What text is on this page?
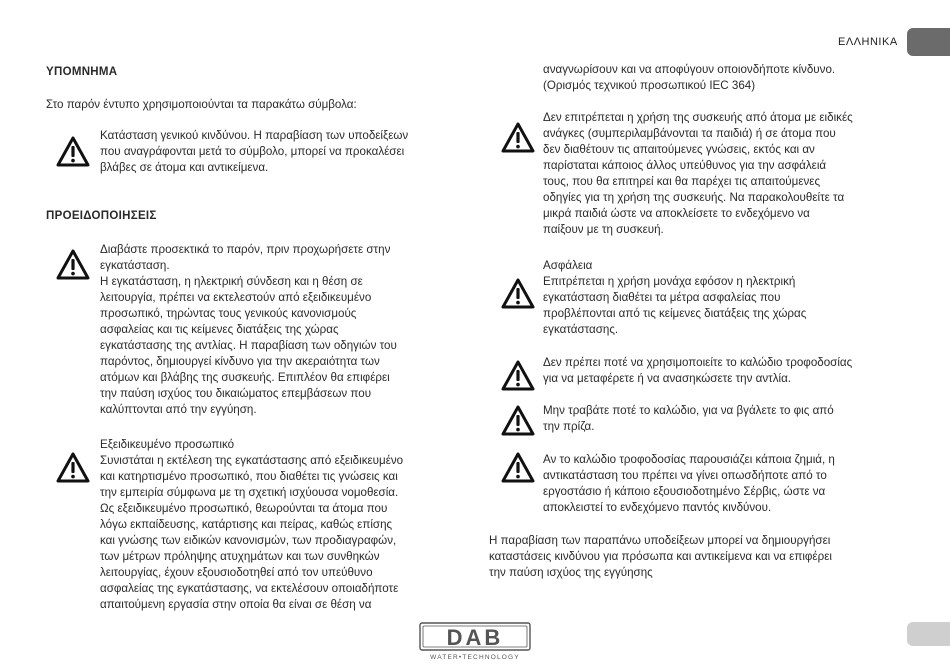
ΕΛΛΗΝΙΚΑ
ΥΠΟΜΝΗΜΑ
Στο παρόν έντυπο χρησιμοποιούνται τα παρακάτω σύμβολα:
Κατάσταση γενικού κινδύνου. Η παραβίαση των υποδείξεων
που αναγράφονται μετά το σύμβολο, μπορεί να προκαλέσει
βλάβες σε άτομα και αντικείμενα.
ΠΡΟΕΙΔΟΠΟΙΗΣΕΙΣ
Διαβάστε προσεκτικά το παρόν, πριν προχωρήσετε στην
εγκατάσταση.
Η εγκατάσταση, η ηλεκτρική σύνδεση και η θέση σε
λειτουργία, πρέπει να εκτελεστούν από εξειδικευμένο
προσωπικό, τηρώντας τους γενικούς κανονισμούς
ασφαλείας και τις κείμενες διατάξεις της χώρας
εγκατάστασης της αντλίας. Η παραβίαση των οδηγιών του
παρόντος, δημιουργεί κίνδυνο για την ακεραιότητα των
ατόμων και βλάβης της συσκευής. Επιπλέον θα επιφέρει
την παύση ισχύος του δικαιώματος επεμβάσεων που
καλύπτονται από την εγγύηση.
Εξειδικευμένο προσωπικό
Συνιστάται η εκτέλεση της εγκατάστασης από εξειδικευμένο
και κατηρτισμένο προσωπικό, που διαθέτει τις γνώσεις και
την εμπειρία σύμφωνα με τη σχετική ισχύουσα νομοθεσία.
Ως εξειδικευμένο προσωπικό, θεωρούνται τα άτομα που
λόγω εκπαίδευσης, κατάρτισης και πείρας, καθώς επίσης
και γνώσης των ειδικών κανονισμών, των προδιαγραφών,
των μέτρων πρόληψης ατυχημάτων και των συνθηκών
λειτουργίας, έχουν εξουσιοδοτηθεί από τον υπεύθυνο
ασφαλείας της εγκατάστασης, να εκτελέσουν οποιαδήποτε
απαιτούμενη εργασία στην οποία θα είναι σε θέση να
αναγνωρίσουν και να αποφύγουν οποιονδήποτε κίνδυνο.
(Ορισμός τεχνικού προσωπικού IEC 364)
Δεν επιτρέπεται η χρήση της συσκευής από άτομα με ειδικές
ανάγκες (συμπεριλαμβάνονται τα παιδιά) ή σε άτομα που
δεν διαθέτουν τις απαιτούμενες γνώσεις, εκτός και αν
παρίσταται κάποιος άλλος υπεύθυνος για την ασφάλειά
τους, που θα επιτηρεί και θα παρέχει τις απαιτούμενες
οδηγίες για τη χρήση της συσκευής. Να παρακολουθείτε τα
μικρά παιδιά ώστε να αποκλείσετε το ενδεχόμενο να
παίξουν με τη συσκευή.
Ασφάλεια
Επιτρέπεται η χρήση μονάχα εφόσον η ηλεκτρική
εγκατάσταση διαθέτει τα μέτρα ασφαλείας που
προβλέπονται από τις κείμενες διατάξεις της χώρας
εγκατάστασης.
Δεν πρέπει ποτέ να χρησιμοποιείτε το καλώδιο τροφοδοσίας
για να μεταφέρετε ή να ανασηκώσετε την αντλία.
Μην τραβάτε ποτέ το καλώδιο, για να βγάλετε το φις από
την πρίζα.
Αν το καλώδιο τροφοδοσίας παρουσιάζει κάποια ζημιά, η
αντικατάσταση του πρέπει να γίνει οπωσδήποτε από το
εργοστάσιο ή κάποιο εξουσιοδοτημένο Σέρβις, ώστε να
αποκλειστεί το ενδεχόμενο παντός κινδύνου.
Η παραβίαση των παραπάνω υποδείξεων μπορεί να δημιουργήσει
καταστάσεις κινδύνου για πρόσωπα και αντικείμενα και να επιφέρει
την παύση ισχύος της εγγύησης
DAB
WATER•TECHNOLOGY
